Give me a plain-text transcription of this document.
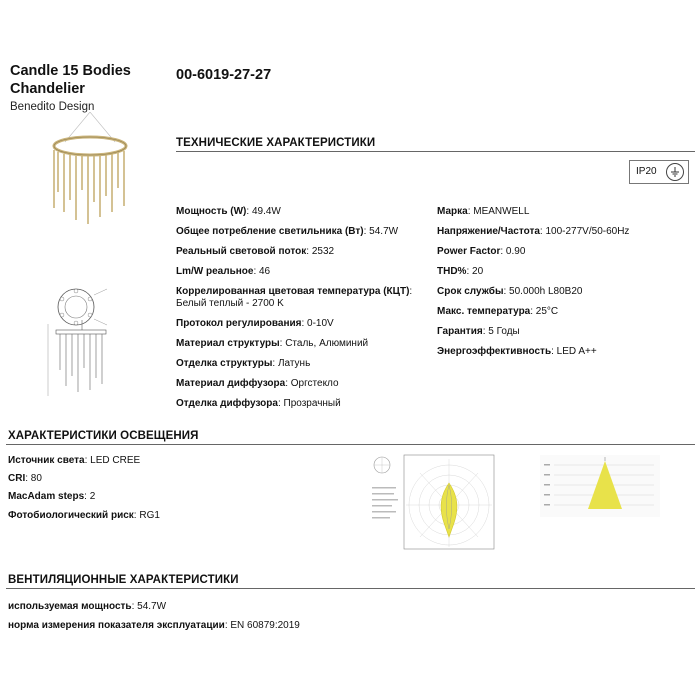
Candle 15 Bodies Chandelier
Benedito Design
00-6019-27-27
ТЕХНИЧЕСКИЕ ХАРАКТЕРИСТИКИ
IP20
Мощность (W): 49.4W
Общее потребление светильника (Вт): 54.7W
Реальный световой поток: 2532
Lm/W реальное: 46
Коррелированная цветовая температура (КЦТ):
Белый теплый - 2700 K
Протокол регулирования: 0-10V
Материал структуры: Сталь, Алюминий
Отделка структуры: Латунь
Материал диффузора: Оргстекло
Отделка диффузора: Прозрачный
Марка: MEANWELL
Напряжение/Частота: 100-277V/50-60Hz
Power Factor: 0.90
THD%: 20
Срок службы: 50.000h L80B20
Макс. температура: 25°C
Гарантия: 5 Годы
Энергоэффективность: LED A++
ХАРАКТЕРИСТИКИ ОСВЕЩЕНИЯ
Источник света: LED CREE
CRI: 80
MacAdam steps: 2
Фотобиологический риск: RG1
ВЕНТИЛЯЦИОННЫЕ ХАРАКТЕРИСТИКИ
используемая мощность: 54.7W
норма измерения показателя эксплуатации: EN 60879:2019
